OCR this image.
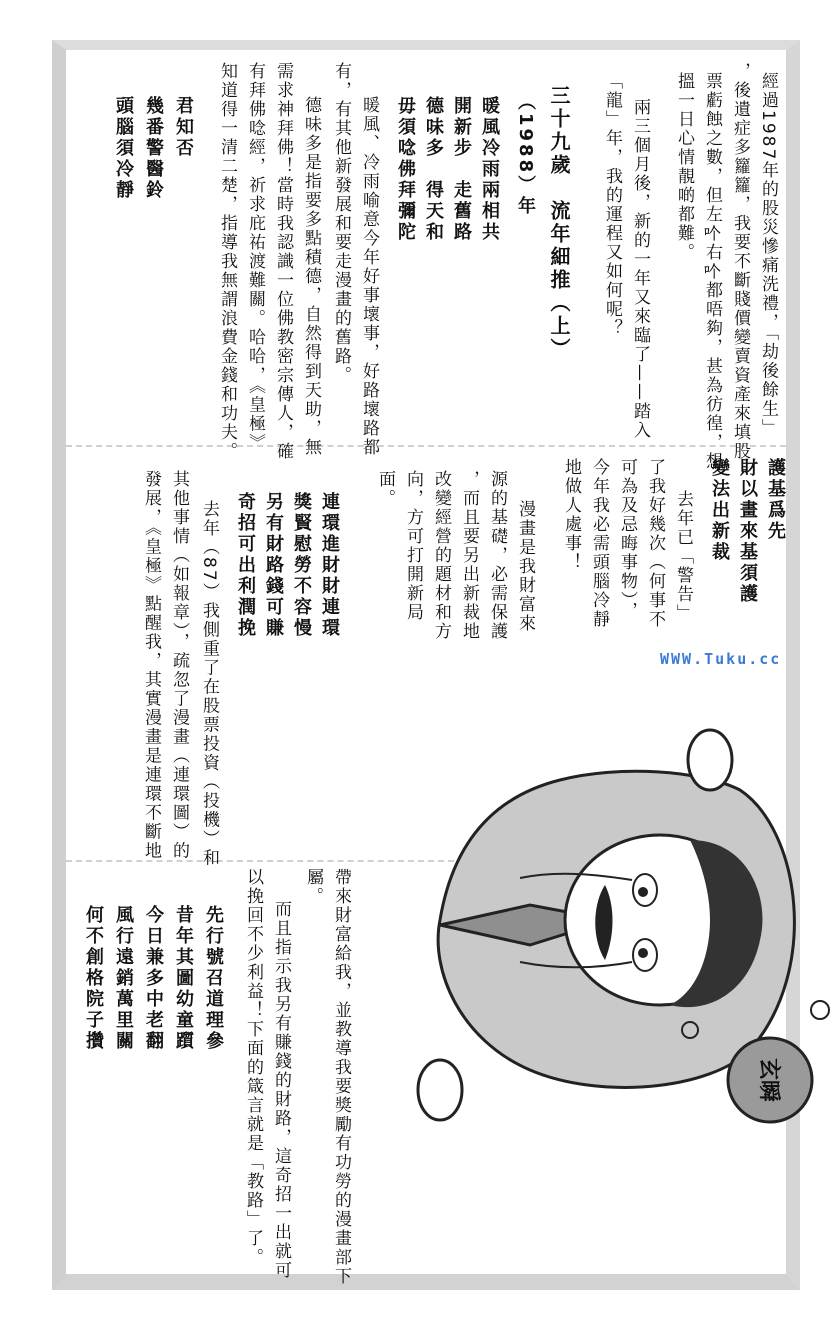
經過1987年的股災慘痛洗禮，「劫後餘生」

，後遺症多籮籮，我要不斷賤價變賣資產來填股

票虧蝕之數，但左𠮶右𠮶都唔夠，甚為彷徨，想

搵一日心情靚啲都難。

兩三個月後，新的一年又來臨了——踏入

「龍」年，我的運程又如何呢？

三十九歲　流年細推（上）

（1988）年

暖風冷雨兩相共

開新步　走舊路

德味多　得天和

毋須唸佛拜彌陀

暖風、冷雨喻意今年好事壞事，好路壞路都

有，有其他新發展和要走漫畫的舊路。

德味多是指要多點積德，自然得到天助，無

需求神拜佛！當時我認識一位佛教密宗傳人，確

有拜佛唸經，祈求庇祐渡難關。哈哈，《皇極》

知道得一清二楚，指導我無謂浪費金錢和功夫。

君知否

幾番警醫鈴

頭腦須冷靜

護基爲先

財以畫來基須護

變法出新裁

去年已「警告」

了我好幾次（何事不

可為及忌晦事物），

今年我必需頭腦冷靜

地做人處事！

漫畫是我財富來

源的基礎，必需保護

，而且要另出新裁地

改變經營的題材和方

向，方可打開新局

面。

連環進財財連環

獎賢慰勞不容慢

另有財路錢可賺

奇招可出利潤挽

去年（87）我側重了在股票投資（投機）和

其他事情（如報章），疏忽了漫畫（連環圖）的

發展，《皇極》點醒我，其實漫畫是連環不斷地

帶來財富給我，並教導我要獎勵有功勞的漫畫部下

屬。

而且指示我另有賺錢的財路，這奇招一出就可

以挽回不少利益！下面的箴言就是「教路」了。

先行號召道理參

昔年其圖幼童躓

今日兼多中老翻

風行遠銷萬里關

何不創格院子攢

WWW.Tuku.cc
玄𣊬
